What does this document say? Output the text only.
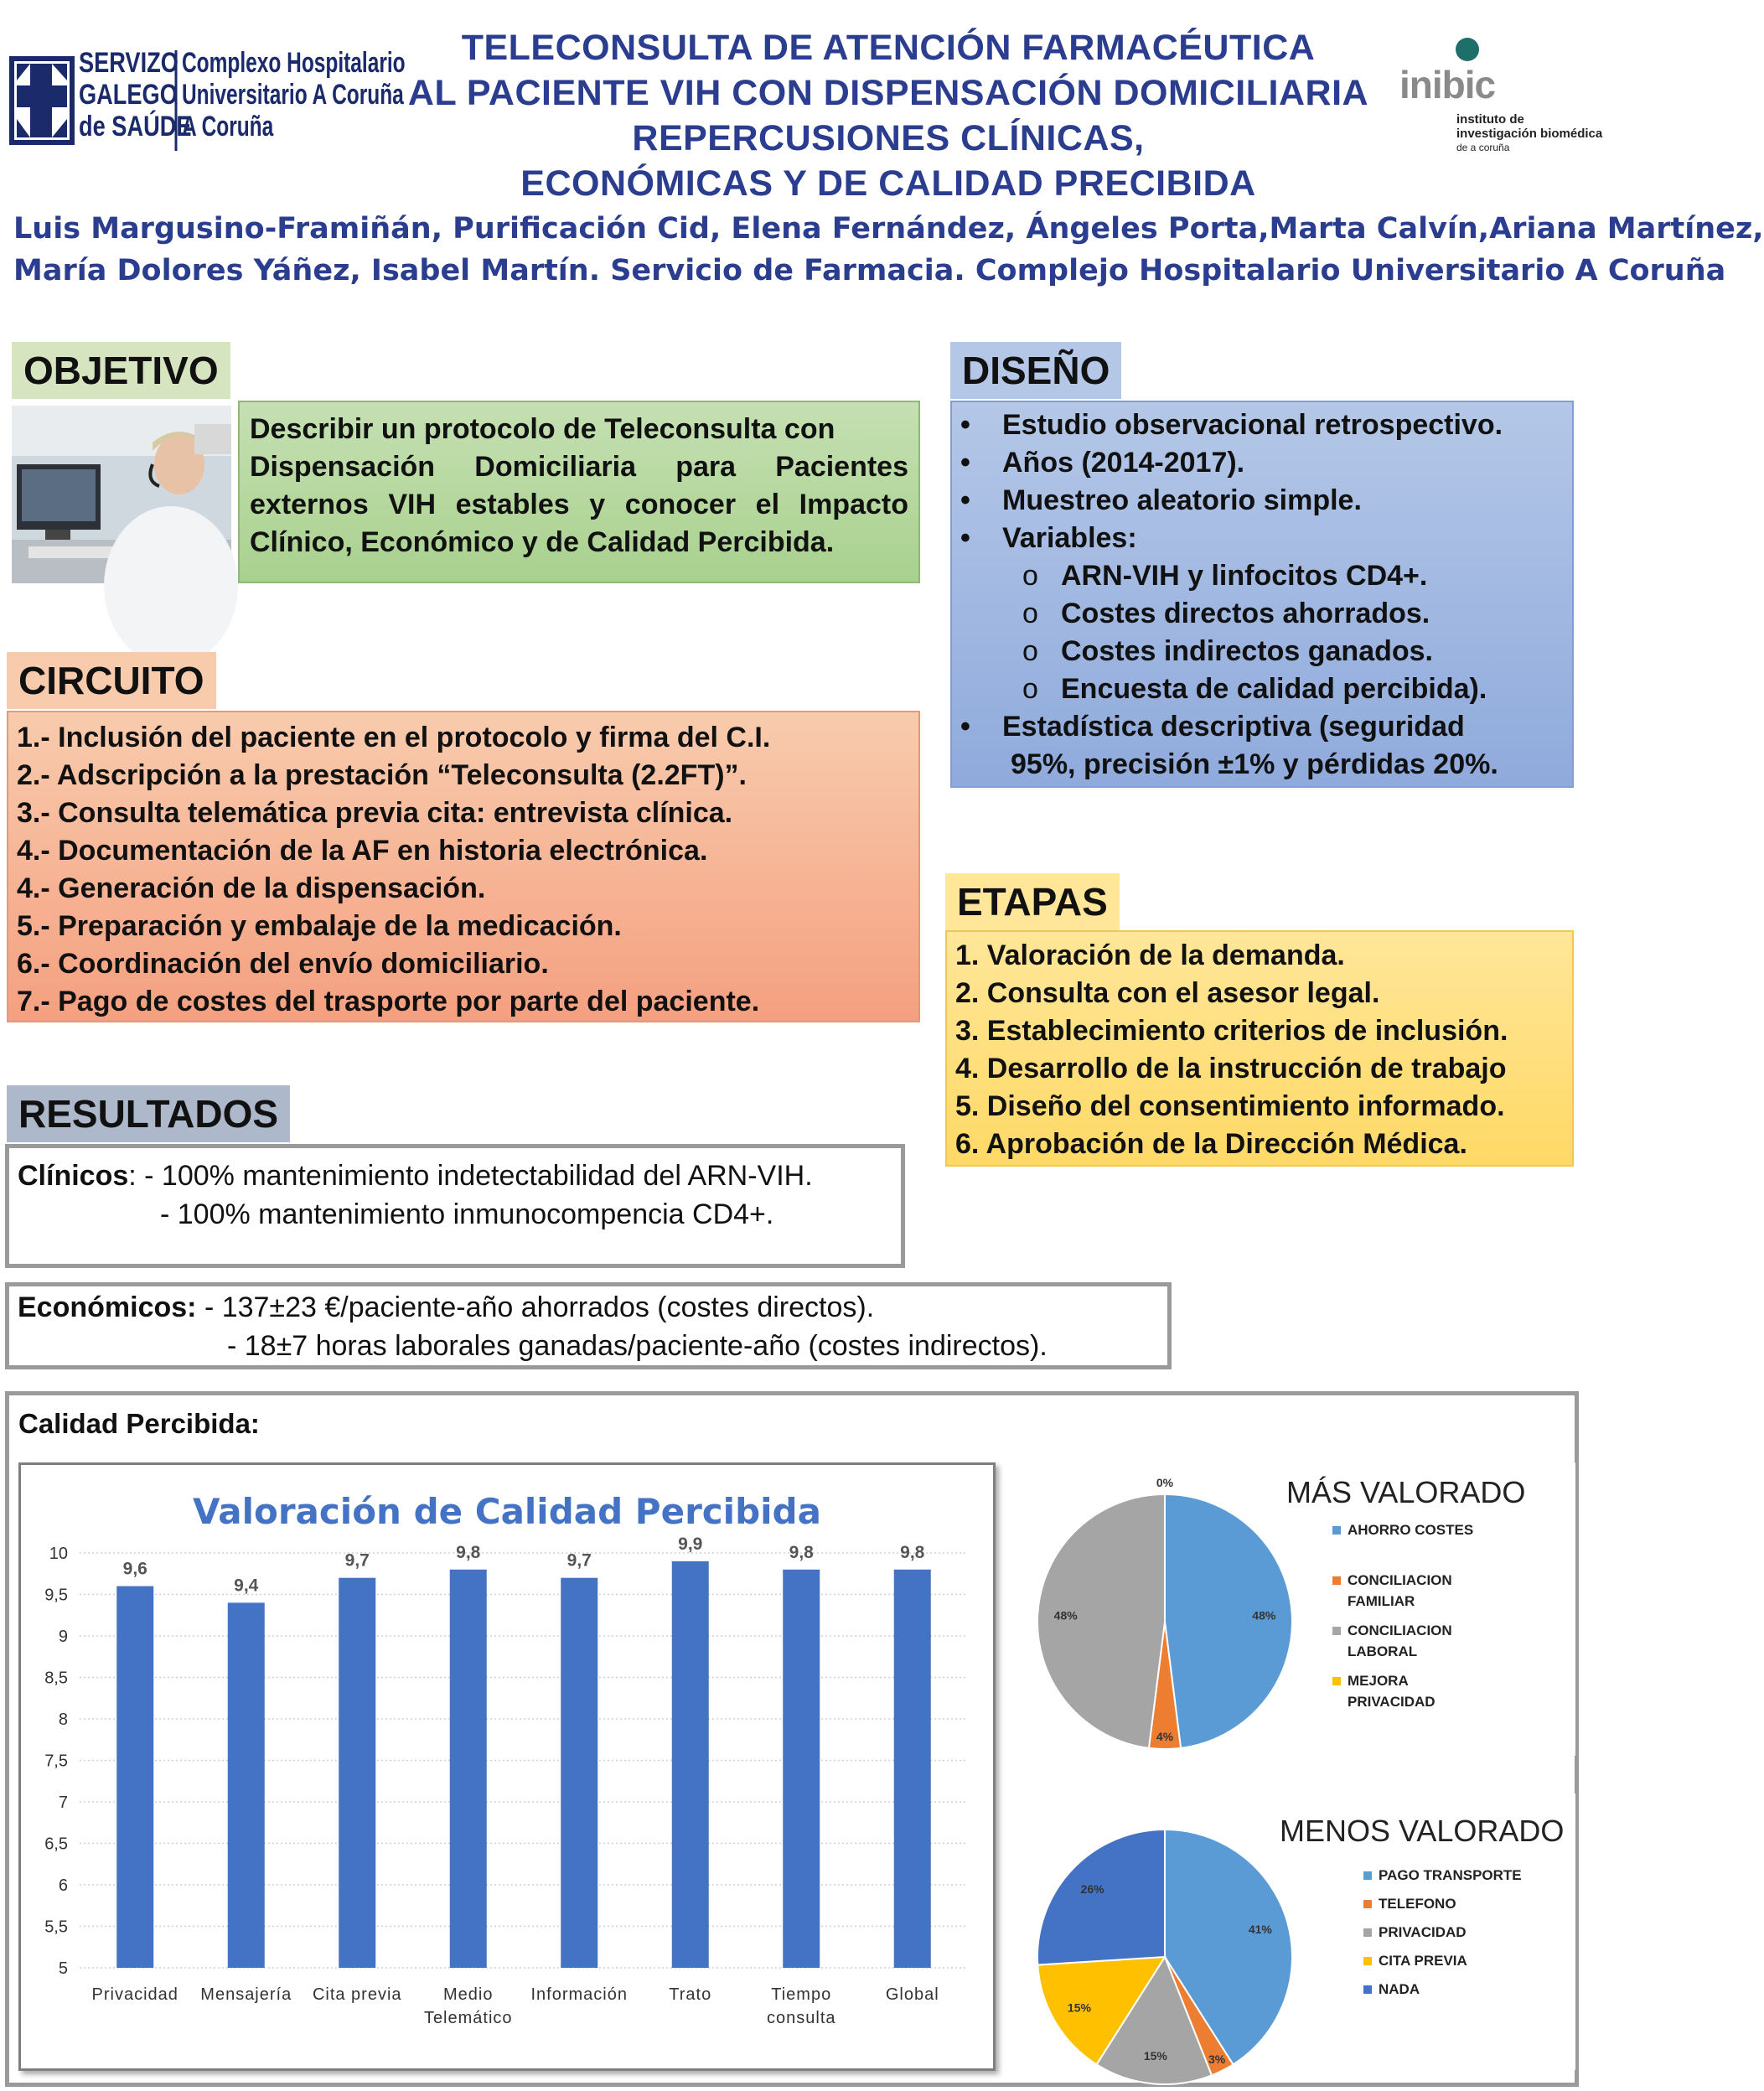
SERVIZO
GALEGO
de SAÚDE
Complexo Hospitalario
Universitario A Coruña
A Coruña
TELECONSULTA DE ATENCIÓN FARMACÉUTICA
AL PACIENTE VIH CON DISPENSACIÓN DOMICILIARIA
REPERCUSIONES CLÍNICAS,
ECONÓMICAS Y DE CALIDAD PRECIBIDA
inibic
instituto de
investigación biomédica
de a coruña
Luis Margusino-Framiñán, Purificación Cid, Elena Fernández, Ángeles Porta,Marta Calvín,Ariana Martínez,
María Dolores Yáñez, Isabel Martín. Servicio de Farmacia. Complejo Hospitalario Universitario A Coruña
OBJETIVO
Describir un protocolo de Teleconsulta con
Dispensación Domiciliaria para Pacientes
externos VIH estables y conocer el Impacto
Clínico, Económico y de Calidad Percibida.
DISEÑO
• Estudio observacional retrospectivo.
• Años (2014-2017).
• Muestreo aleatorio simple.
• Variables:
o ARN-VIH y linfocitos CD4+.
o Costes directos ahorrados.
o Costes indirectos ganados.
o Encuesta de calidad percibida).
• Estadística descriptiva (seguridad
95%, precisión ±1% y pérdidas 20%.
CIRCUITO
1.- Inclusión del paciente en el protocolo y firma del C.I.
2.- Adscripción a la prestación “Teleconsulta (2.2FT)”.
3.- Consulta telemática previa cita: entrevista clínica.
4.- Documentación de la AF en historia electrónica.
4.- Generación de la dispensación.
5.- Preparación y embalaje de la medicación.
6.- Coordinación del envío domiciliario.
7.- Pago de costes del trasporte por parte del paciente.
ETAPAS
1. Valoración de la demanda.
2. Consulta con el asesor legal.
3. Establecimiento criterios de inclusión.
4. Desarrollo de la instrucción de trabajo
5. Diseño del consentimiento informado.
6. Aprobación de la Dirección Médica.
RESULTADOS
Clínicos: - 100% mantenimiento indetectabilidad del ARN-VIH.
- 100% mantenimiento inmunocompencia CD4+.
Económicos: - 137±23 €/paciente-año ahorrados (costes directos).
- 18±7 horas laborales ganadas/paciente-año (costes indirectos).
Calidad Percibida:
Valoración de Calidad Percibida
5
5,5
6
6,5
7
7,5
8
8,5
9
9,5
10
9,6
Privacidad
9,4
Mensajería
9,7
Cita previa
9,8
Medio
Telemático
9,7
Información
9,9
Trato
9,8
Tiempo
consulta
9,8
Global
MÁS VALORADO
48%
AHORRO COSTES
4%
CONCILIACION
FAMILIAR
48%
CONCILIACION
LABORAL
0%
MEJORA
PRIVACIDAD
MENOS VALORADO
41%
PAGO TRANSPORTE
3%
TELEFONO
15%
PRIVACIDAD
15%
CITA PREVIA
26%
NADA
